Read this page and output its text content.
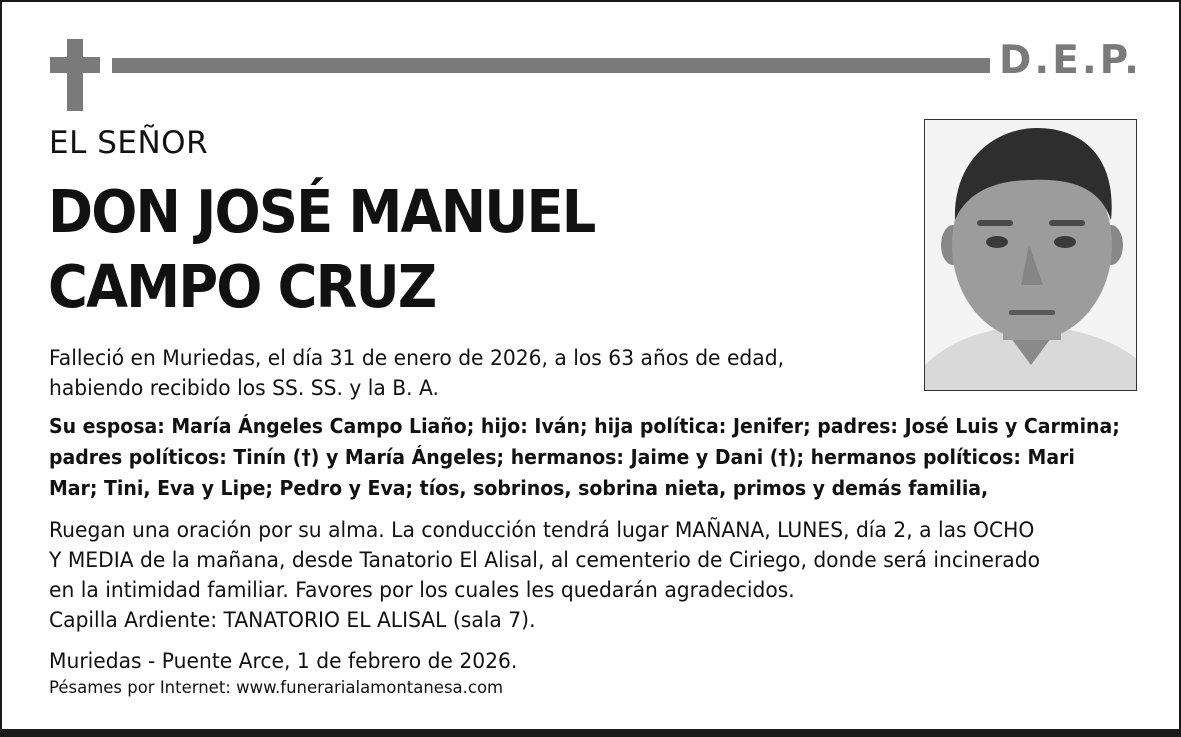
D.E.P.
EL SEÑOR
DON JOSÉ MANUEL
CAMPO CRUZ
Falleció en Muriedas, el día 31 de enero de 2026, a los 63 años de edad,
habiendo recibido los SS. SS. y la B. A.
Su esposa: María Ángeles Campo Liaño; hijo: Iván; hija política: Jenifer; padres: José Luis y Carmina;
padres políticos: Tinín (†) y María Ángeles; hermanos: Jaime y Dani (†); hermanos políticos: Mari
Mar; Tini, Eva y Lipe; Pedro y Eva; tíos, sobrinos, sobrina nieta, primos y demás familia,
Ruegan una oración por su alma. La conducción tendrá lugar MAÑANA, LUNES, día 2, a las OCHO
Y MEDIA de la mañana, desde Tanatorio El Alisal, al cementerio de Ciriego, donde será incinerado
en la intimidad familiar. Favores por los cuales les quedarán agradecidos.
Capilla Ardiente: TANATORIO EL ALISAL (sala 7).
Muriedas - Puente Arce, 1 de febrero de 2026.
Pésames por Internet: www.funerarialamontanesa.com
